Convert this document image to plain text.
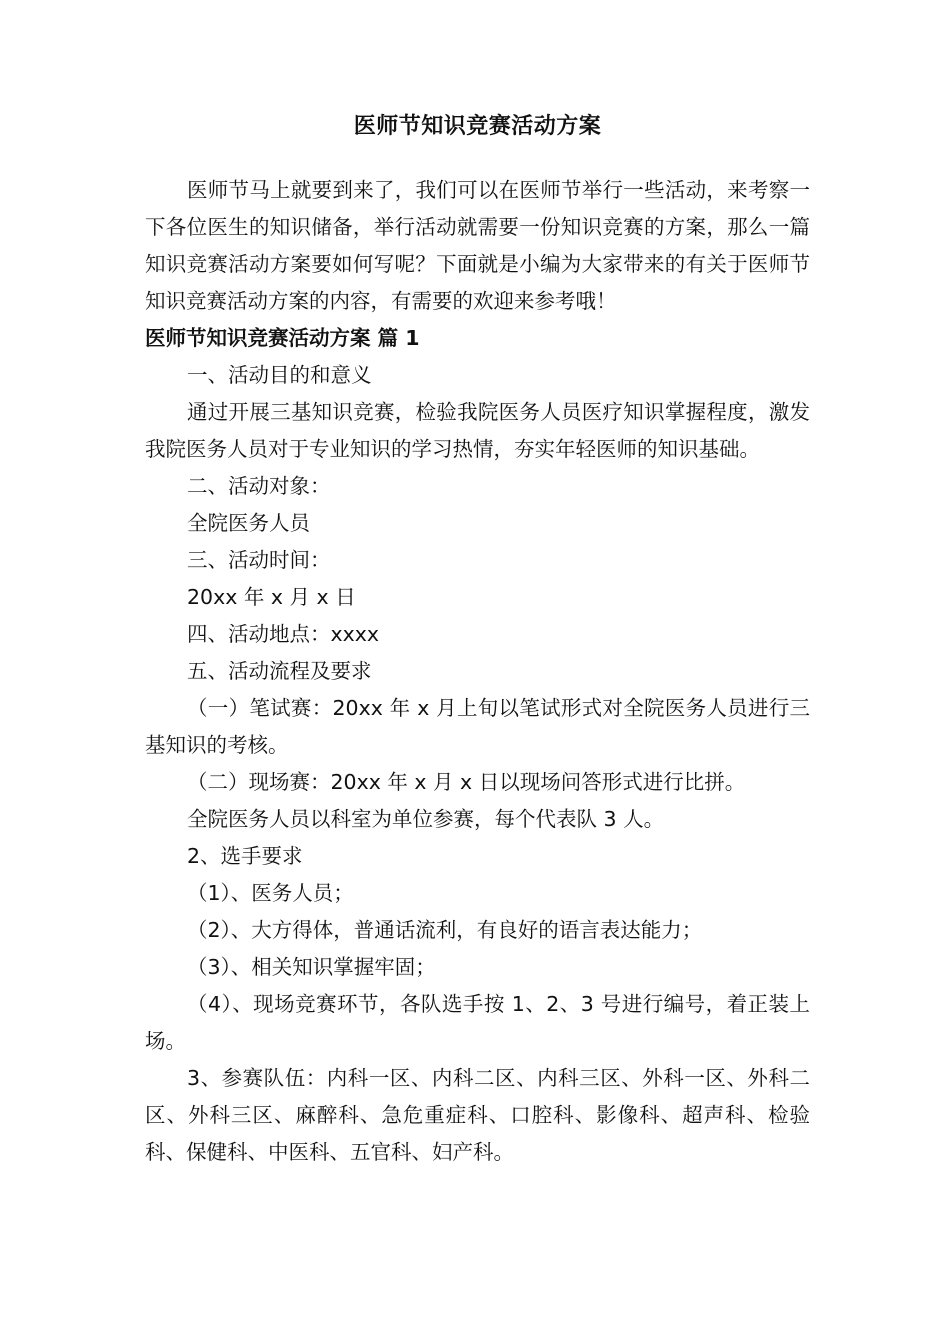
医师节知识竞赛活动方案

医师节马上就要到来了，我们可以在医师节举行一些活动，来考察一下各位医生的知识储备，举行活动就需要一份知识竞赛的方案，那么一篇知识竞赛活动方案要如何写呢？下面就是小编为大家带来的有关于医师节知识竞赛活动方案的内容，有需要的欢迎来参考哦！

医师节知识竞赛活动方案 篇 1

一、活动目的和意义

通过开展三基知识竞赛，检验我院医务人员医疗知识掌握程度，激发我院医务人员对于专业知识的学习热情，夯实年轻医师的知识基础。

二、活动对象：

全院医务人员

三、活动时间：

20xx 年 x 月 x 日

四、活动地点：xxxx

五、活动流程及要求

（一）笔试赛：20xx 年 x 月上旬以笔试形式对全院医务人员进行三基知识的考核。

（二）现场赛：20xx 年 x 月 x 日以现场问答形式进行比拼。

全院医务人员以科室为单位参赛，每个代表队 3 人。

2、选手要求

（1）、医务人员；

（2）、大方得体，普通话流利，有良好的语言表达能力；

（3）、相关知识掌握牢固；

（4）、现场竞赛环节，各队选手按 1、2、3 号进行编号，着正装上场。

3、参赛队伍：内科一区、内科二区、内科三区、外科一区、外科二区、外科三区、麻醉科、急危重症科、口腔科、影像科、超声科、检验科、保健科、中医科、五官科、妇产科。
